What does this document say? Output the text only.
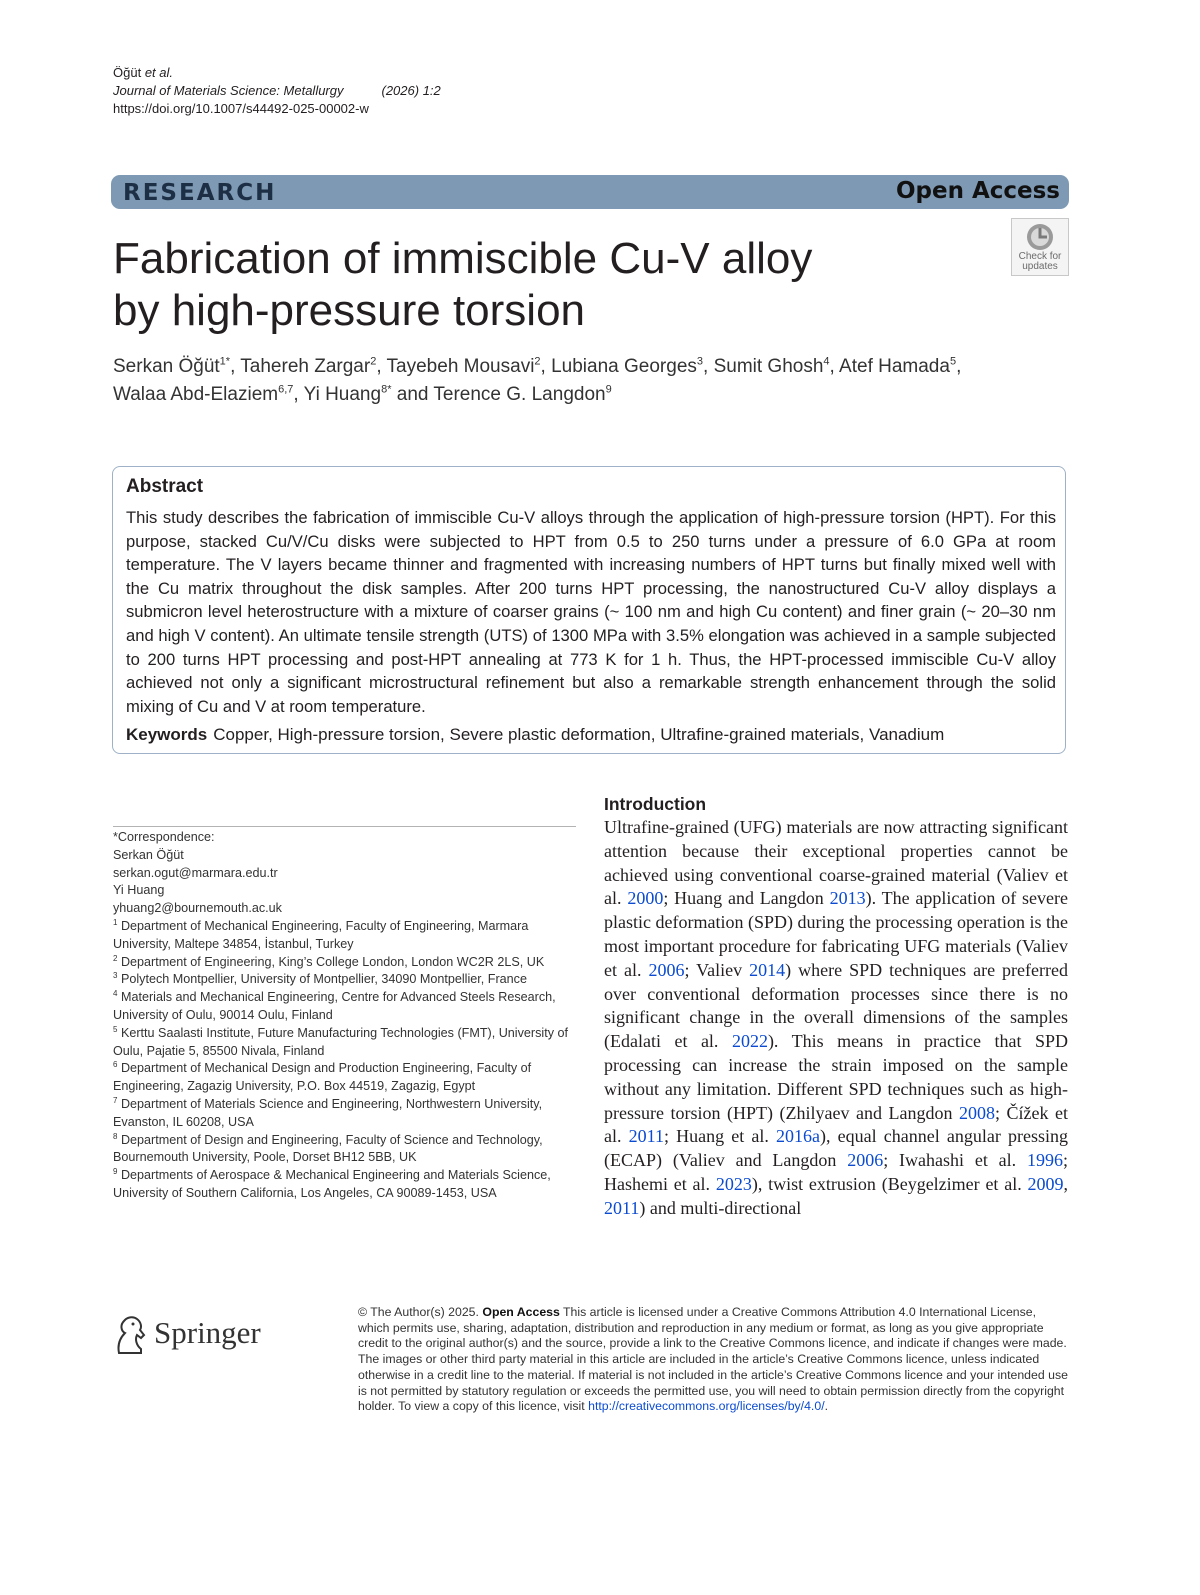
Öğüt et al.
Journal of Materials Science: Metallurgy	(2026) 1:2
https://doi.org/10.1007/s44492-025-00002-w
RESEARCH	Open Access
Fabrication of immiscible Cu-V alloy
by high-pressure torsion
Check for
updates
Serkan Öğüt$^{1*}$, Tahereh Zargar$^2$, Tayebeh Mousavi$^2$, Lubiana Georges$^3$, Sumit Ghosh$^4$, Atef Hamada$^5$,
Walaa Abd-Elaziem$^{6,7}$, Yi Huang$^{8*}$ and Terence G. Langdon$^9$
Abstract
This study describes the fabrication of immiscible Cu-V alloys through the application of high-pressure torsion (HPT). For this purpose, stacked Cu/V/Cu disks were subjected to HPT from 0.5 to 250 turns under a pressure of 6.0 GPa at room temperature. The V layers became thinner and fragmented with increasing numbers of HPT turns but finally mixed well with the Cu matrix throughout the disk samples. After 200 turns HPT processing, the nanostructured Cu-V alloy displays a submicron level heterostructure with a mixture of coarser grains (~ 100 nm and high Cu content) and finer grain (~ 20–30 nm and high V content). An ultimate tensile strength (UTS) of 1300 MPa with 3.5% elongation was achieved in a sample subjected to 200 turns HPT processing and post-HPT annealing at 773 K for 1 h. Thus, the HPT-processed immiscible Cu-V alloy achieved not only a significant microstructural refinement but also a remarkable strength enhancement through the solid mixing of Cu and V at room temperature.
Keywords Copper, High-pressure torsion, Severe plastic deformation, Ultrafine-grained materials, Vanadium
*Correspondence:
Serkan Öğüt
serkan.ogut@marmara.edu.tr
Yi Huang
yhuang2@bournemouth.ac.uk
$^1$ Department of Mechanical Engineering, Faculty of Engineering, Marmara University, Maltepe 34854, İstanbul, Turkey
$^2$ Department of Engineering, King’s College London, London WC2R 2LS, UK
$^3$ Polytech Montpellier, University of Montpellier, 34090 Montpellier, France
$^4$ Materials and Mechanical Engineering, Centre for Advanced Steels Research, University of Oulu, 90014 Oulu, Finland
$^5$ Kerttu Saalasti Institute, Future Manufacturing Technologies (FMT), University of Oulu, Pajatie 5, 85500 Nivala, Finland
$^6$ Department of Mechanical Design and Production Engineering, Faculty of Engineering, Zagazig University, P.O. Box 44519, Zagazig, Egypt
$^7$ Department of Materials Science and Engineering, Northwestern University, Evanston, IL 60208, USA
$^8$ Department of Design and Engineering, Faculty of Science and Technology, Bournemouth University, Poole, Dorset BH12 5BB, UK
$^9$ Departments of Aerospace & Mechanical Engineering and Materials Science, University of Southern California, Los Angeles, CA 90089-1453, USA
Introduction

Ultrafine-grained (UFG) materials are now attracting significant attention because their exceptional properties cannot be achieved using conventional coarse-grained material (Valiev et al. 2000; Huang and Langdon 2013). The application of severe plastic deformation (SPD) during the processing operation is the most important procedure for fabricating UFG materials (Valiev et al. 2006; Valiev 2014) where SPD techniques are preferred over conventional deformation processes since there is no significant change in the overall dimensions of the samples (Edalati et al. 2022). This means in practice that SPD processing can increase the strain imposed on the sample without any limitation. Different SPD techniques such as high-pressure torsion (HPT) (Zhilyaev and Langdon 2008; Čížek et al. 2011; Huang et al. 2016a), equal channel angular pressing (ECAP) (Valiev and Langdon 2006; Iwahashi et al. 1996; Hashemi et al. 2023), twist extrusion (Beygelzimer et al. 2009, 2011) and multi-directional

Springer
© The Author(s) 2025. Open Access This article is licensed under a Creative Commons Attribution 4.0 International License, which permits use, sharing, adaptation, distribution and reproduction in any medium or format, as long as you give appropriate credit to the original author(s) and the source, provide a link to the Creative Commons licence, and indicate if changes were made. The images or other third party material in this article are included in the article’s Creative Commons licence, unless indicated otherwise in a credit line to the material. If material is not included in the article’s Creative Commons licence and your intended use is not permitted by statutory regulation or exceeds the permitted use, you will need to obtain permission directly from the copyright holder. To view a copy of this licence, visit http://creativecommons.org/licenses/by/4.0/.
